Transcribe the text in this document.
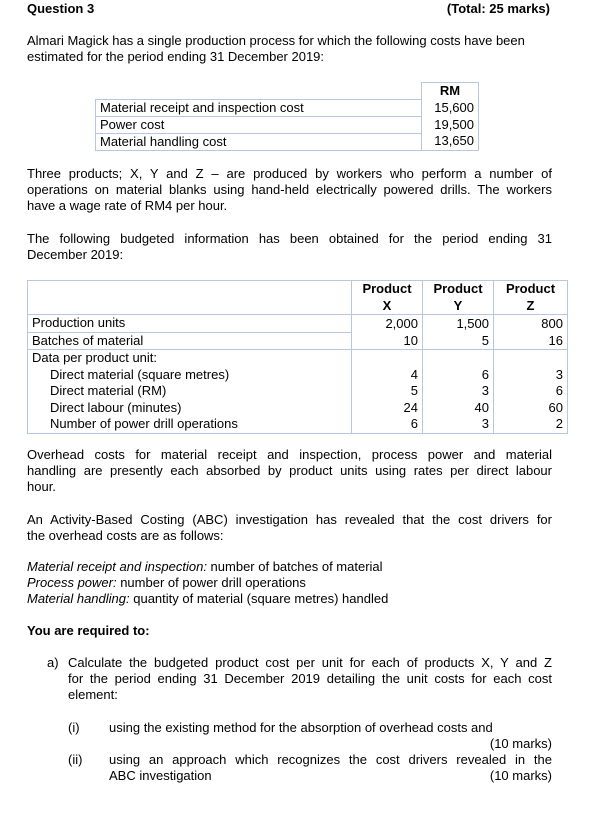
Question 3	(Total: 25 marks)
Almari Magick has a single production process for which the following costs have been
estimated for the period ending 31 December 2019:
	RM
Material receipt and inspection cost	15,600
Power cost	19,500
Material handling cost	13,650
Three products; X, Y and Z – are produced by workers who perform a number of
operations on material blanks using hand-held electrically powered drills. The workers
have a wage rate of RM4 per hour.
The following budgeted information has been obtained for the period ending 31
December 2019:

	Product	Product	Product

	X	Y	Z
Production units	2,000	1,500	800
Batches of material	10	5	16
Data per product unit:			
Direct material (square metres)	4	6	3
Direct material (RM)	5	3	6
Direct labour (minutes)	24	40	60
Number of power drill operations	6	3	2
Overhead costs for material receipt and inspection, process power and material
handling are presently each absorbed by product units using rates per direct labour
hour.
An Activity-Based Costing (ABC) investigation has revealed that the cost drivers for
the overhead costs are as follows:
Material receipt and inspection: number of batches of material
Process power: number of power drill operations
Material handling: quantity of material (square metres) handled
You are required to:
a) Calculate the budgeted product cost per unit for each of products X, Y and Z
for the period ending 31 December 2019 detailing the unit costs for each cost
element:
(i) using the existing method for the absorption of overhead costs and
(10 marks)
(ii) using an approach which recognizes the cost drivers revealed in the
ABC investigation	(10 marks)
